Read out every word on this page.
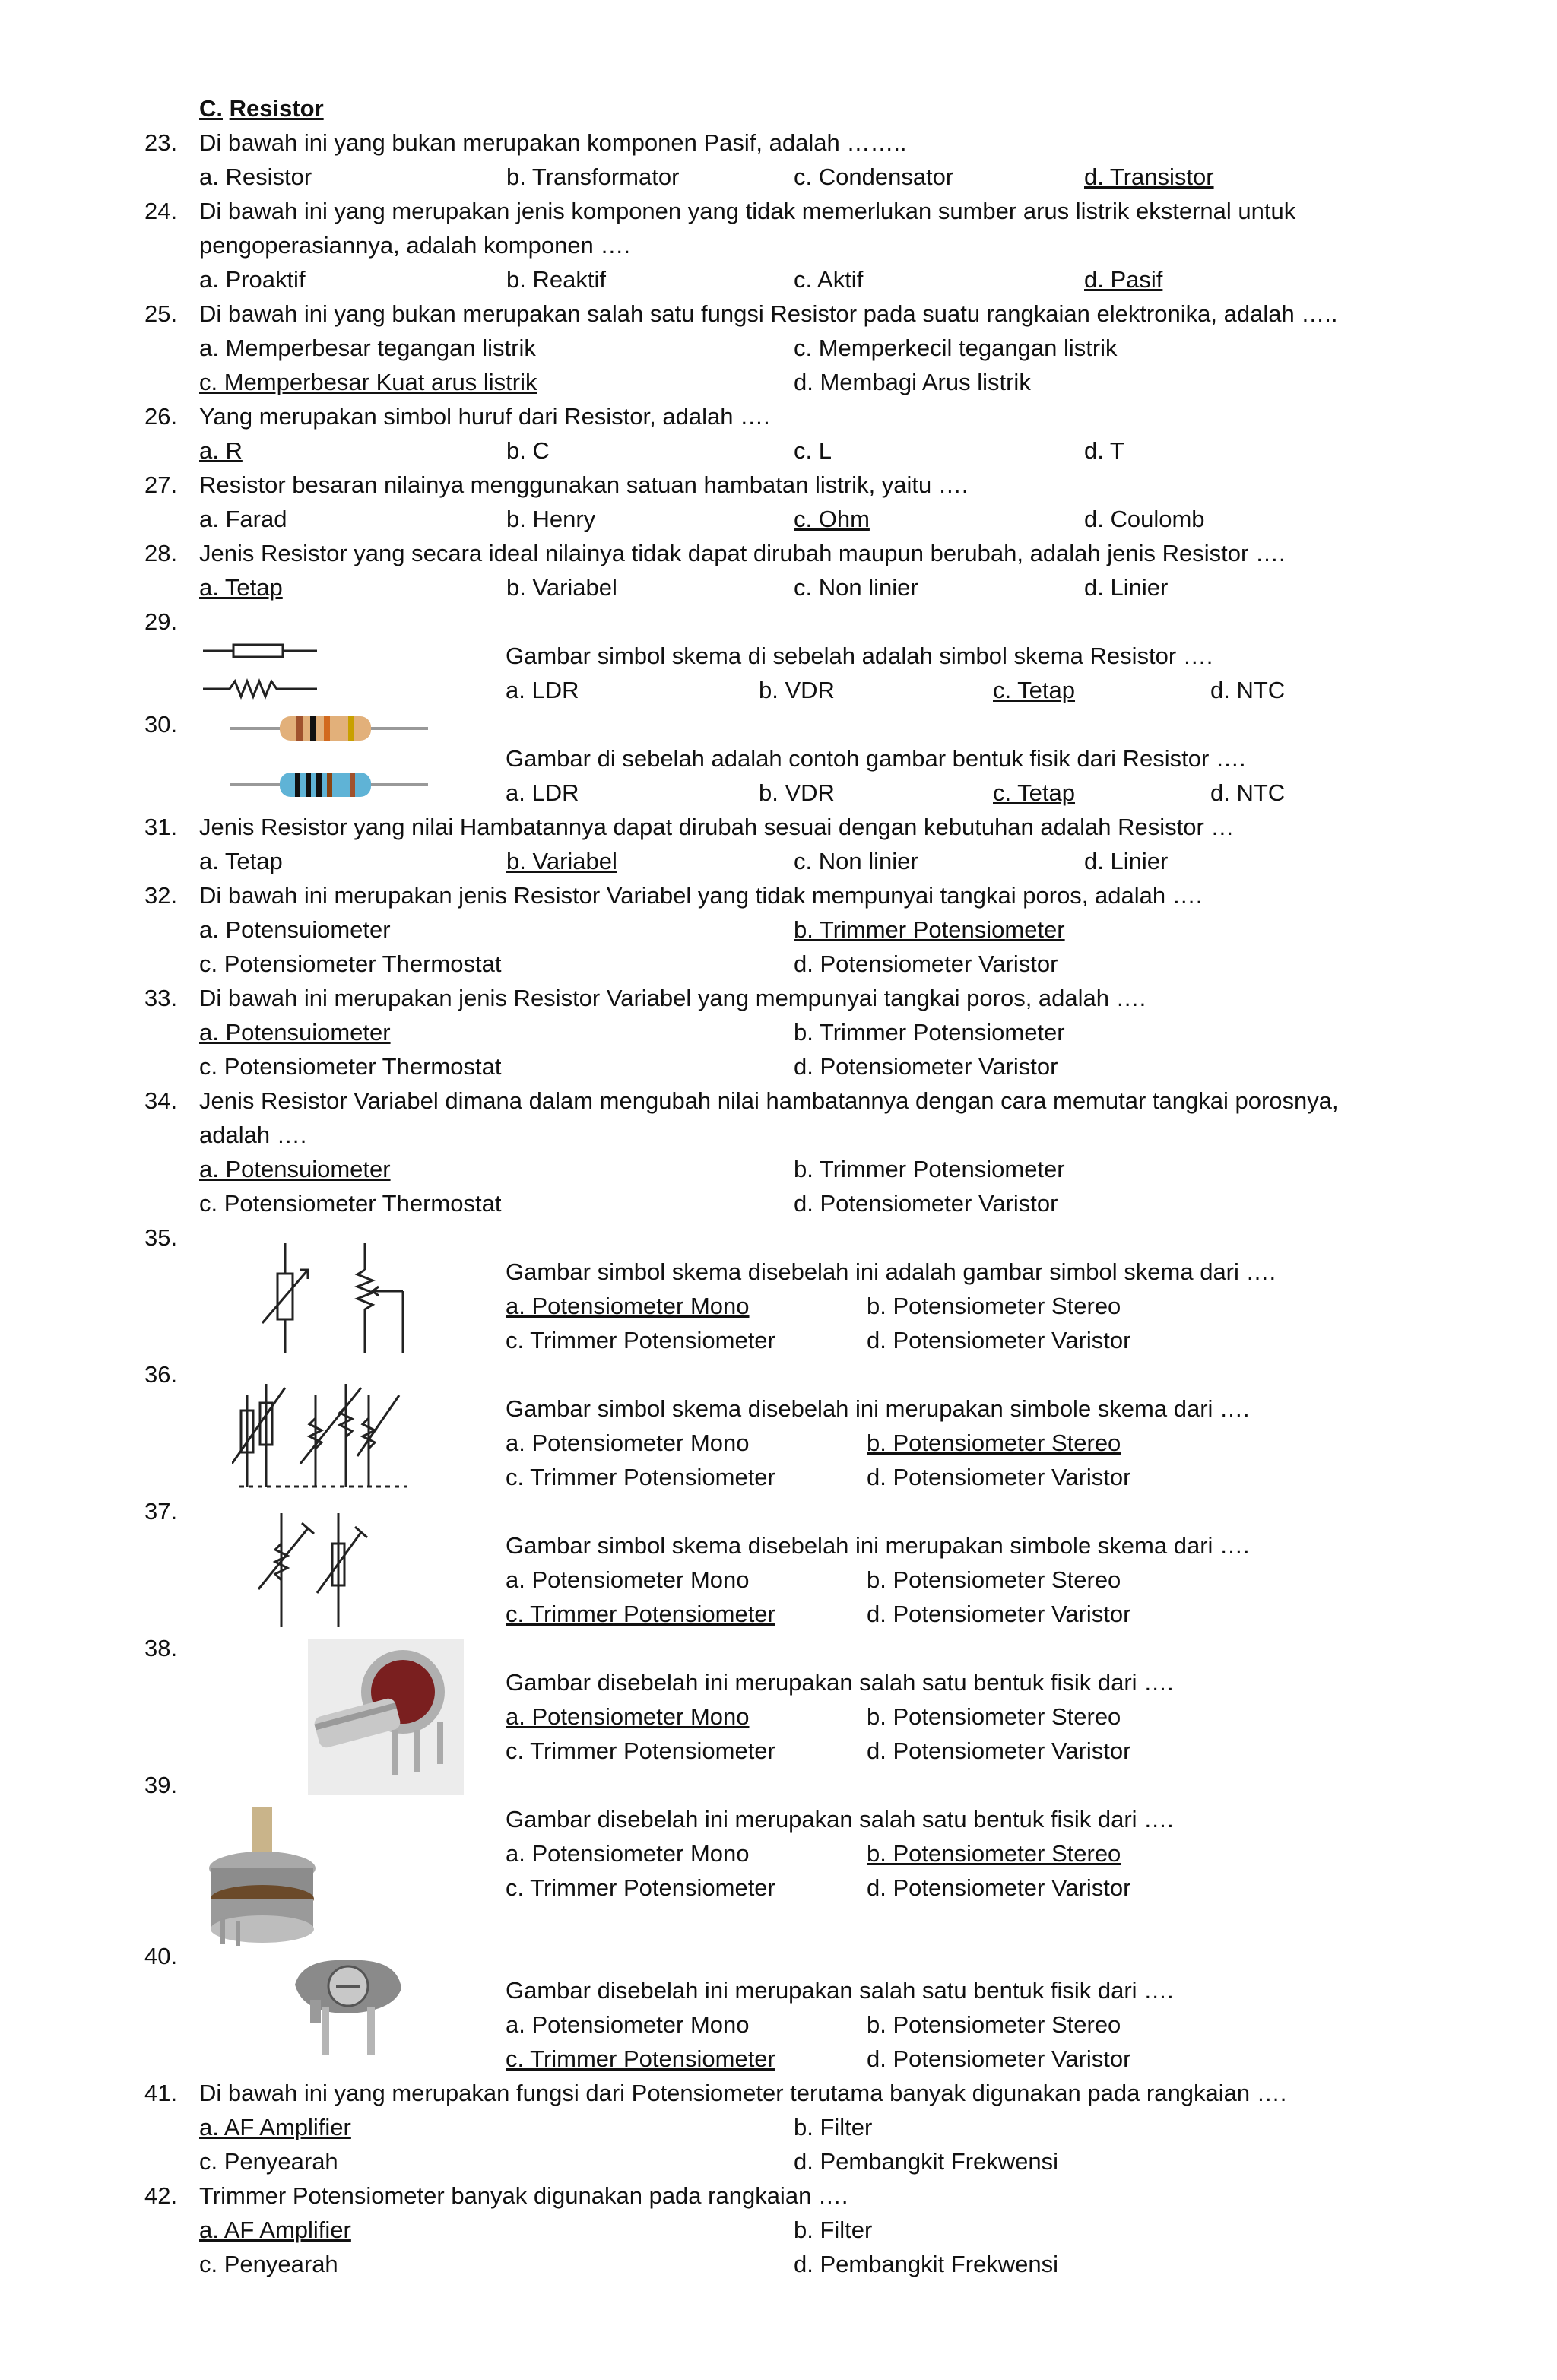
C. Resistor
23. Di bawah ini yang bukan merupakan komponen Pasif, adalah ……..
a. Resistor	b. Transformator	c. Condensator	d. Transistor
24. Di bawah ini yang merupakan jenis komponen yang tidak memerlukan sumber arus listrik eksternal untuk
pengoperasiannya, adalah komponen ….
a. Proaktif	b. Reaktif	c. Aktif	d. Pasif
25. Di bawah ini yang bukan merupakan salah satu fungsi Resistor pada suatu rangkaian elektronika, adalah …..
a. Memperbesar tegangan listrik	c. Memperkecil tegangan listrik
c. Memperbesar Kuat arus listrik	d. Membagi Arus listrik
26. Yang merupakan simbol huruf dari Resistor, adalah ….
a. R	b. C	c. L	d. T
27. Resistor besaran nilainya menggunakan satuan hambatan listrik, yaitu ….
a. Farad	b. Henry	c. Ohm	d. Coulomb
28. Jenis Resistor yang secara ideal nilainya tidak dapat dirubah maupun berubah, adalah jenis Resistor ….
a. Tetap	b. Variabel	c. Non linier	d. Linier
29.
Gambar simbol skema di sebelah adalah simbol skema Resistor ….
a. LDR	b. VDR	c. Tetap	d. NTC
30.
Gambar di sebelah adalah contoh gambar bentuk fisik dari Resistor ….
a. LDR	b. VDR	c. Tetap	d. NTC
31. Jenis Resistor yang nilai Hambatannya dapat dirubah sesuai dengan kebutuhan adalah Resistor …
a. Tetap	b. Variabel	c. Non linier	d. Linier
32. Di bawah ini merupakan jenis Resistor Variabel yang tidak mempunyai tangkai poros, adalah ….
a. Potensuiometer	b. Trimmer Potensiometer
c. Potensiometer Thermostat	d. Potensiometer Varistor
33. Di bawah ini merupakan jenis Resistor Variabel yang mempunyai tangkai poros, adalah ….
a. Potensuiometer	b. Trimmer Potensiometer
c. Potensiometer Thermostat	d. Potensiometer Varistor
34. Jenis Resistor Variabel dimana dalam mengubah nilai hambatannya dengan cara memutar tangkai porosnya,
adalah ….
a. Potensuiometer	b. Trimmer Potensiometer
c. Potensiometer Thermostat	d. Potensiometer Varistor
35.
Gambar simbol skema disebelah ini adalah gambar simbol skema dari ….
a. Potensiometer Mono	b. Potensiometer Stereo
c. Trimmer Potensiometer	d. Potensiometer Varistor
36.
Gambar simbol skema disebelah ini merupakan simbole skema dari ….
a. Potensiometer Mono	b. Potensiometer Stereo
c. Trimmer Potensiometer	d. Potensiometer Varistor
37.
Gambar simbol skema disebelah ini merupakan simbole skema dari ….
a. Potensiometer Mono	b. Potensiometer Stereo
c. Trimmer Potensiometer	d. Potensiometer Varistor
38.
Gambar disebelah ini merupakan salah satu bentuk fisik dari ….
a. Potensiometer Mono	b. Potensiometer Stereo
c. Trimmer Potensiometer	d. Potensiometer Varistor
39.
Gambar disebelah ini merupakan salah satu bentuk fisik dari ….
a. Potensiometer Mono	b. Potensiometer Stereo
c. Trimmer Potensiometer	d. Potensiometer Varistor
40.
Gambar disebelah ini merupakan salah satu bentuk fisik dari ….
a. Potensiometer Mono	b. Potensiometer Stereo
c. Trimmer Potensiometer	d. Potensiometer Varistor
41. Di bawah ini yang merupakan fungsi dari Potensiometer terutama banyak digunakan pada rangkaian ….
a. AF Amplifier	b. Filter
c. Penyearah	d. Pembangkit Frekwensi
42. Trimmer Potensiometer banyak digunakan pada rangkaian ….
a. AF Amplifier	b. Filter
c. Penyearah	d. Pembangkit Frekwensi
